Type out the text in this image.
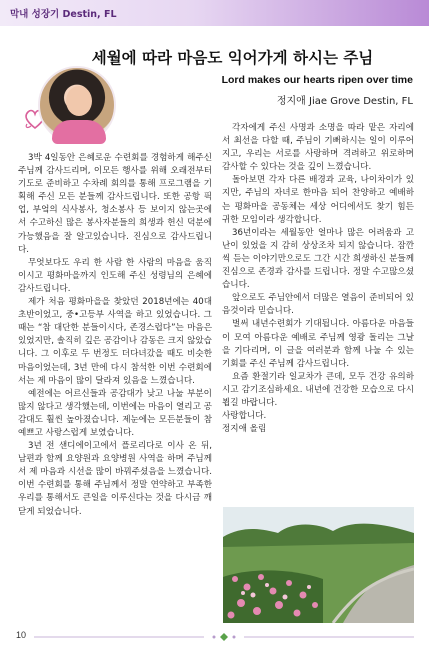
막내 성장기 Destin, FL
세월에 따라 마음도 익어가게 하시는 주님
Lord makes our hearts ripen over time
정지애 Jiae Grove Destin, FL

3박 4일동안 은혜로운 수련회를 경험하게 해주신 주님께 감사드리며, 이모든 행사를 위해 오래전부터 기도로 준비하고 수차례 회의를 통해 프로그램을 기획해 주신 모든 분들께 감사드립니다. 또한 공항 픽업, 부엌의 식사봉사, 청소봉사 등 보이지 않는곳에서 수고하신 많은 봉사자분들의 희생과 헌신 덕분에 가능했음을 잘 알고있습니다. 진심으로 감사드립니다.

무엇보다도 우리 한 사람 한 사람의 마음을 움직이시고 평화마을까지 인도해 주신 성령님의 은혜에 감사드립니다.

제가 처음 평화마을을 찾았던 2018년에는 40대 초반이었고, 중•고등부 사역을 하고 있었습니다. 그때는 “참 대단한 분들이시다, 존경스럽다”는 마음은 있었지만, 솔직히 깊은 공감이나 감동은 크지 않았습니다. 그 이후로 두 번정도 더다녀갔을 때도 비슷한 마음이었는데, 3년 만에 다시 참석한 이번 수련회에서는 제 마음이 많이 달라져 있음을 느꼈습니다.

예전에는 어르신들과 공감대가 낮고 나눌 부분이 많지 않다고 생각했는데, 이번에는 마음이 열리고 공감대도 훨씬 높아졌습니다. 제눈에는 모든분들이 참 예쁘고 사랑스럽게 보였습니다.

3년 전 샌디에이고에서 플로리다로 이사 온 뒤, 남편과 함께 요양원과 요양병원 사역을 하며 주님께서 제 마음과 시선을 많이 바꿔주셨음을 느꼈습니다. 이번 수련회를 통해 주님께서 정말 연약하고 부족한 우리를 통해서도 큰일을 이루신다는 것을 다시금 깨닫게 되었습니다.

각자에게 주신 사명과 소명을 따라 맡은 자리에서 최선을 다할 때, 주님이 기뻐하시는 일이 이루어지고, 우리는 서로를 사랑하며 격려하고 위로하며 감사할 수 있다는 것을 깊이 느꼈습니다.

돌아보면 각자 다른 배경과 교육, 나이차이가 있지만, 주님의 자녀로 한마음 되어 찬양하고 예배하는 평화마을 공동체는 세상 어디에서도 찾기 힘든 귀한 모임이라 생각합니다.

36년이라는 세월동안 얼마나 많은 어려움과 고난이 있었을 지 감히 상상조차 되지 않습니다. 잠깐씩 듣는 이야기만으로도 그간 시간 희생하신 분들께 진심으로 존경과 감사를 드립니다. 정말 수고많으셨습니다.

앞으로도 주님안에서 더많은 열음이 준비되어 있음것이라 믿습니다.

벌써 내년수련회가 기대됩니다. 아름다운 마음들이 모여 아름다운 예배로 주님께 영광 돌리는 그날을 기다리며, 이 글을 여러분과 함께 나눌 수 있는 기회를 주신 주님께 감사드립니다.

요즘 환절기라 일교차가 큰데, 모두 건강 유의하시고 감기조심하세요. 내년에 건강한 모습으로 다시뵙길 바랍니다.

사랑합니다.

정지애 올림

10
